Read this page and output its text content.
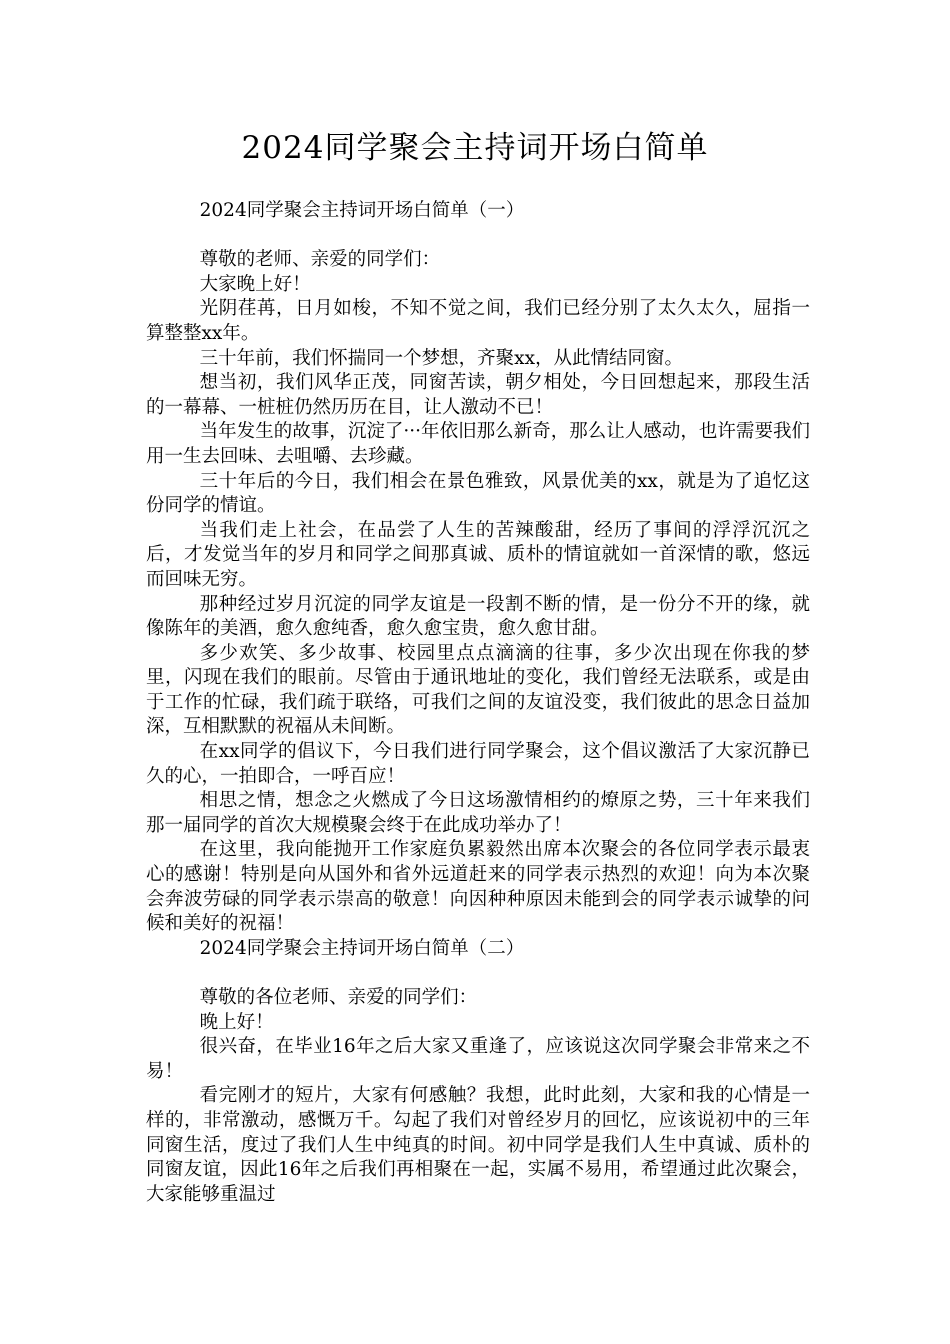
2024同学聚会主持词开场白简单

2024同学聚会主持词开场白简单（一）

尊敬的老师、亲爱的同学们：

大家晚上好！

光阴荏苒，日月如梭，不知不觉之间，我们已经分别了太久太久，屈指一算整整xx年。

三十年前，我们怀揣同一个梦想，齐聚xx，从此情结同窗。

想当初，我们风华正茂，同窗苦读，朝夕相处，今日回想起来，那段生活的一幕幕、一桩桩仍然历历在目，让人激动不已！

当年发生的故事，沉淀了···年依旧那么新奇，那么让人感动，也许需要我们用一生去回味、去咀嚼、去珍藏。

三十年后的今日，我们相会在景色雅致，风景优美的xx，就是为了追忆这份同学的情谊。

当我们走上社会，在品尝了人生的苦辣酸甜，经历了事间的浮浮沉沉之后，才发觉当年的岁月和同学之间那真诚、质朴的情谊就如一首深情的歌，悠远而回味无穷。

那种经过岁月沉淀的同学友谊是一段割不断的情，是一份分不开的缘，就像陈年的美酒，愈久愈纯香，愈久愈宝贵，愈久愈甘甜。

多少欢笑、多少故事、校园里点点滴滴的往事，多少次出现在你我的梦里，闪现在我们的眼前。尽管由于通讯地址的变化，我们曾经无法联系，或是由于工作的忙碌，我们疏于联络，可我们之间的友谊没变，我们彼此的思念日益加深，互相默默的祝福从未间断。

在xx同学的倡议下，今日我们进行同学聚会，这个倡议激活了大家沉静已久的心，一拍即合，一呼百应！

相思之情，想念之火燃成了今日这场激情相约的燎原之势，三十年来我们那一届同学的首次大规模聚会终于在此成功举办了！

在这里，我向能抛开工作家庭负累毅然出席本次聚会的各位同学表示最衷心的感谢！特别是向从国外和省外远道赶来的同学表示热烈的欢迎！向为本次聚会奔波劳碌的同学表示崇高的敬意！向因种种原因未能到会的同学表示诚挚的问候和美好的祝福！

2024同学聚会主持词开场白简单（二）

尊敬的各位老师、亲爱的同学们：

晚上好！

很兴奋，在毕业16年之后大家又重逢了，应该说这次同学聚会非常来之不易！

看完刚才的短片，大家有何感触？我想，此时此刻，大家和我的心情是一样的，非常激动，感慨万千。勾起了我们对曾经岁月的回忆，应该说初中的三年同窗生活，度过了我们人生中纯真的时间。初中同学是我们人生中真诚、质朴的同窗友谊，因此16年之后我们再相聚在一起，实属不易用，希望通过此次聚会，大家能够重温过
